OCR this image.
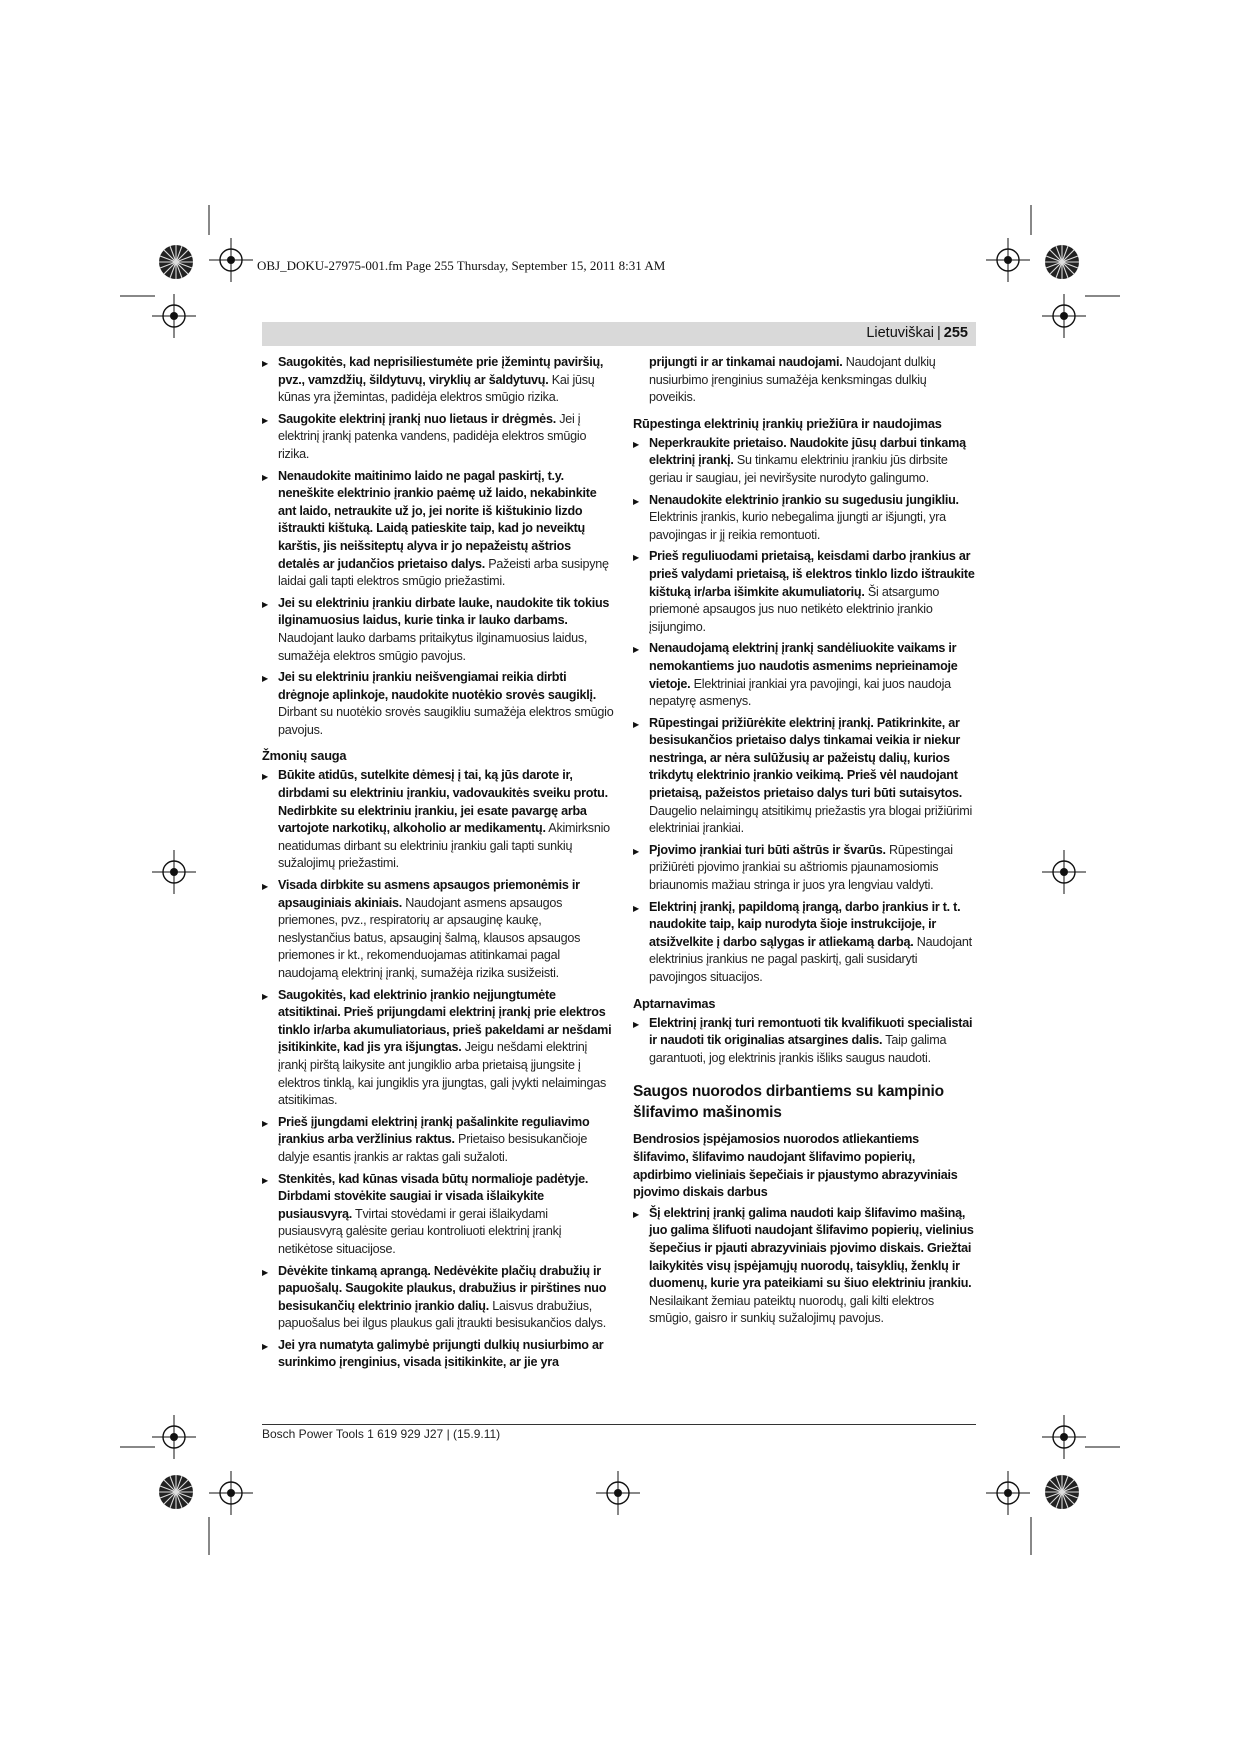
OBJ_DOKU-27975-001.fm Page 255 Thursday, September 15, 2011 8:31 AM
Lietuviškai | 255

▶ Saugokitės, kad neprisiliestumėte prie įžemintų paviršių, pvz., vamzdžių, šildytuvų, viryklių ar šaldytuvų. Kai jūsų kūnas yra įžemintas, padidėja elektros smūgio rizika.

▶ Saugokite elektrinį įrankį nuo lietaus ir drėgmės. Jei į elektrinį įrankį patenka vandens, padidėja elektros smūgio rizika.

▶ Nenaudokite maitinimo laido ne pagal paskirtį, t.y. neneškite elektrinio įrankio paėmę už laido, nekabinkite ant laido, netraukite už jo, jei norite iš kištukinio lizdo ištraukti kištuką. Laidą patieskite taip, kad jo neveiktų karštis, jis neišsiteptų alyva ir jo nepažeistų aštrios detalės ar judančios prietaiso dalys. Pažeisti arba susipynę laidai gali tapti elektros smūgio priežastimi.

▶ Jei su elektriniu įrankiu dirbate lauke, naudokite tik tokius ilginamuosius laidus, kurie tinka ir lauko darbams. Naudojant lauko darbams pritaikytus ilginamuosius laidus, sumažėja elektros smūgio pavojus.

▶ Jei su elektriniu įrankiu neišvengiamai reikia dirbti drėgnoje aplinkoje, naudokite nuotėkio srovės saugiklį. Dirbant su nuotėkio srovės saugikliu sumažėja elektros smūgio pavojus.

Žmonių sauga

▶ Būkite atidūs, sutelkite dėmesį į tai, ką jūs darote ir, dirbdami su elektriniu įrankiu, vadovaukitės sveiku protu. Nedirbkite su elektriniu įrankiu, jei esate pavargę arba vartojote narkotikų, alkoholio ar medikamentų. Akimirksnio neatidumas dirbant su elektriniu įrankiu gali tapti sunkių sužalojimų priežastimi.

▶ Visada dirbkite su asmens apsaugos priemonėmis ir apsauginiais akiniais. Naudojant asmens apsaugos priemones, pvz., respiratorių ar apsauginę kaukę, neslystančius batus, apsauginį šalmą, klausos apsaugos priemones ir kt., rekomenduojamas atitinkamai pagal naudojamą elektrinį įrankį, sumažėja rizika susižeisti.

▶ Saugokitės, kad elektrinio įrankio neįjungtumėte atsitiktinai. Prieš prijungdami elektrinį įrankį prie elektros tinklo ir/arba akumuliatoriaus, prieš pakeldami ar nešdami įsitikinkite, kad jis yra išjungtas. Jeigu nešdami elektrinį įrankį pirštą laikysite ant jungiklio arba prietaisą įjungsite į elektros tinklą, kai jungiklis yra įjungtas, gali įvykti nelaimingas atsitikimas.

▶ Prieš įjungdami elektrinį įrankį pašalinkite reguliavimo įrankius arba veržlinius raktus. Prietaiso besisukančioje dalyje esantis įrankis ar raktas gali sužaloti.

▶ Stenkitės, kad kūnas visada būtų normalioje padėtyje. Dirbdami stovėkite saugiai ir visada išlaikykite pusiausvyrą. Tvirtai stovėdami ir gerai išlaikydami pusiausvyrą galėsite geriau kontroliuoti elektrinį įrankį netikėtose situacijose.

▶ Dėvėkite tinkamą aprangą. Nedėvėkite plačių drabužių ir papuošalų. Saugokite plaukus, drabužius ir pirštines nuo besisukančių elektrinio įrankio dalių. Laisvus drabužius, papuošalus bei ilgus plaukus gali įtraukti besisukančios dalys.

▶ Jei yra numatyta galimybė prijungti dulkių nusiurbimo ar surinkimo įrenginius, visada įsitikinkite, ar jie yra

prijungti ir ar tinkamai naudojami. Naudojant dulkių nusiurbimo įrenginius sumažėja kenksmingas dulkių poveikis.

Rūpestinga elektrinių įrankių priežiūra ir naudojimas

▶ Neperkraukite prietaiso. Naudokite jūsų darbui tinkamą elektrinį įrankį. Su tinkamu elektriniu įrankiu jūs dirbsite geriau ir saugiau, jei neviršysite nurodyto galingumo.

▶ Nenaudokite elektrinio įrankio su sugedusiu jungikliu. Elektrinis įrankis, kurio nebegalima įjungti ar išjungti, yra pavojingas ir jį reikia remontuoti.

▶ Prieš reguliuodami prietaisą, keisdami darbo įrankius ar prieš valydami prietaisą, iš elektros tinklo lizdo ištraukite kištuką ir/arba išimkite akumuliatorių. Ši atsargumo priemonė apsaugos jus nuo netikėto elektrinio įrankio įsijungimo.

▶ Nenaudojamą elektrinį įrankį sandėliuokite vaikams ir nemokantiems juo naudotis asmenims neprieinamoje vietoje. Elektriniai įrankiai yra pavojingi, kai juos naudoja nepatyrę asmenys.

▶ Rūpestingai prižiūrėkite elektrinį įrankį. Patikrinkite, ar besisukančios prietaiso dalys tinkamai veikia ir niekur nestringa, ar nėra sulūžusių ar pažeistų dalių, kurios trikdytų elektrinio įrankio veikimą. Prieš vėl naudojant prietaisą, pažeistos prietaiso dalys turi būti sutaisytos. Daugelio nelaimingų atsitikimų priežastis yra blogai prižiūrimi elektriniai įrankiai.

▶ Pjovimo įrankiai turi būti aštrūs ir švarūs. Rūpestingai prižiūrėti pjovimo įrankiai su aštriomis pjaunamosiomis briaunomis mažiau stringa ir juos yra lengviau valdyti.

▶ Elektrinį įrankį, papildomą įrangą, darbo įrankius ir t. t. naudokite taip, kaip nurodyta šioje instrukcijoje, ir atsižvelkite į darbo sąlygas ir atliekamą darbą. Naudojant elektrinius įrankius ne pagal paskirtį, gali susidaryti pavojingos situacijos.

Aptarnavimas

▶ Elektrinį įrankį turi remontuoti tik kvalifikuoti specialistai ir naudoti tik originalias atsargines dalis. Taip galima garantuoti, jog elektrinis įrankis išliks saugus naudoti.

Saugos nuorodos dirbantiems su kampinio šlifavimo mašinomis
Bendrosios įspėjamosios nuorodos atliekantiems šlifavimo, šlifavimo naudojant šlifavimo popierių, apdirbimo vieliniais šepečiais ir pjaustymo abrazyviniais pjovimo diskais darbus

▶ Šį elektrinį įrankį galima naudoti kaip šlifavimo mašiną, juo galima šlifuoti naudojant šlifavimo popierių, vielinius šepečius ir pjauti abrazyviniais pjovimo diskais. Griežtai laikykitės visų įspėjamųjų nuorodų, taisyklių, ženklų ir duomenų, kurie yra pateikiami su šiuo elektriniu įrankiu. Nesilaikant žemiau pateiktų nuorodų, gali kilti elektros smūgio, gaisro ir sunkių sužalojimų pavojus.

Bosch Power Tools 1 619 929 J27 | (15.9.11)
